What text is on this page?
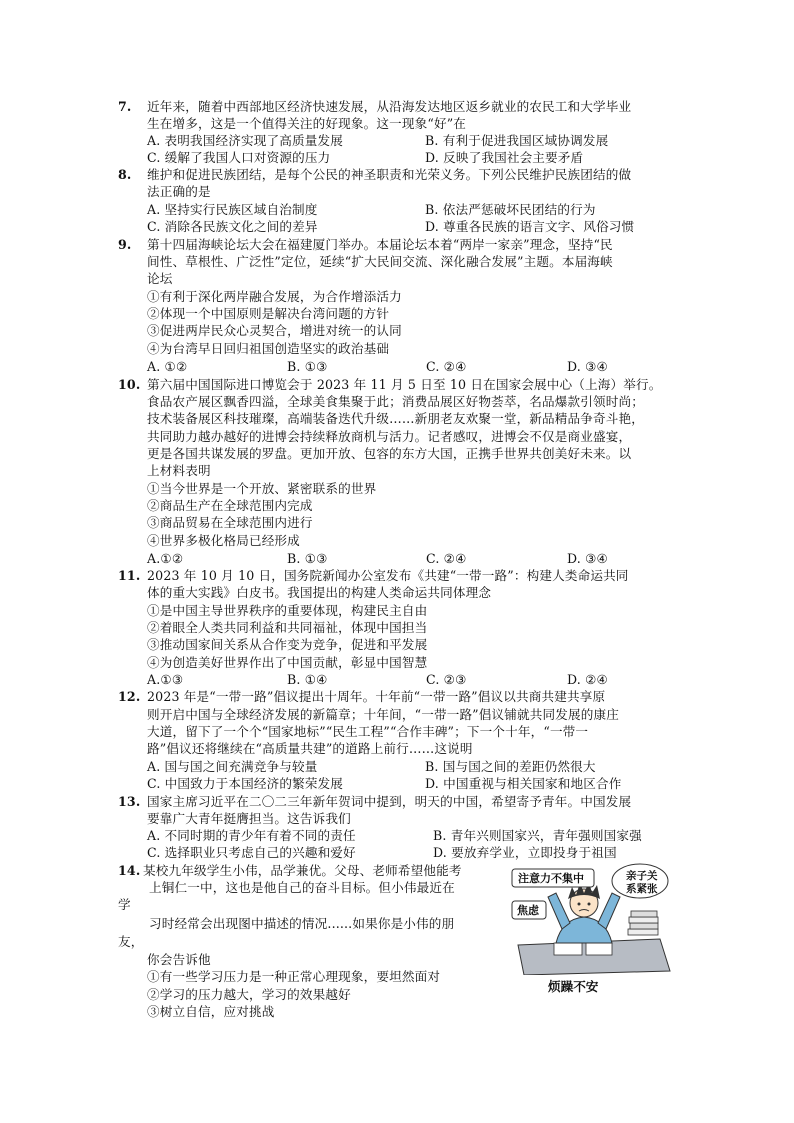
7. 近年来，随着中西部地区经济快速发展，从沿海发达地区返乡就业的农民工和大学毕业
生在增多，这是一个值得关注的好现象。这一现象“好”在
A. 表明我国经济实现了高质量发展	B. 有利于促进我国区域协调发展
C. 缓解了我国人口对资源的压力	D. 反映了我国社会主要矛盾
8. 维护和促进民族团结，是每个公民的神圣职责和光荣义务。下列公民维护民族团结的做
法正确的是
A. 坚持实行民族区域自治制度	B. 依法严惩破坏民团结的行为
C. 消除各民族文化之间的差异	D. 尊重各民族的语言文字、风俗习惯
9. 第十四届海峡论坛大会在福建厦门举办。本届论坛本着“两岸一家亲”理念，坚持“民
间性、草根性、广泛性”定位，延续“扩大民间交流、深化融合发展”主题。本届海峡
论坛
①有利于深化两岸融合发展，为合作增添活力
②体现一个中国原则是解决台湾问题的方针
③促进两岸民众心灵契合，增进对统一的认同
④为台湾早日回归祖国创造坚实的政治基础
A. ①②	B. ①③	C. ②④	D. ③④
10. 第六届中国国际进口博览会于 2023 年 11 月 5 日至 10 日在国家会展中心（上海）举行。
食品农产展区飘香四溢，全球美食集聚于此；消费品展区好物荟萃，名品爆款引领时尚；
技术装备展区科技璀璨，高端装备迭代升级……新朋老友欢聚一堂，新品精品争奇斗艳，
共同助力越办越好的进博会持续释放商机与活力。记者感叹，进博会不仅是商业盛宴，
更是各国共谋发展的罗盘。更加开放、包容的东方大国，正携手世界共创美好未来。以
上材料表明
①当今世界是一个开放、紧密联系的世界
②商品生产在全球范围内完成
③商品贸易在全球范围内进行
④世界多极化格局已经形成
A.①②	B. ①③	C. ②④	D. ③④
11. 2023 年 10 月 10 日，国务院新闻办公室发布《共建“一带一路”：构建人类命运共同
体的重大实践》白皮书。我国提出的构建人类命运共同体理念
①是中国主导世界秩序的重要体现，构建民主自由
②着眼全人类共同利益和共同福祉，体现中国担当
③推动国家间关系从合作变为竞争，促进和平发展
④为创造美好世界作出了中国贡献，彰显中国智慧
A.①③	B. ①④	C. ②③	D. ②④
12. 2023 年是“一带一路”倡议提出十周年。十年前“一带一路”倡议以共商共建共享原
则开启中国与全球经济发展的新篇章；十年间，“一带一路”倡议铺就共同发展的康庄
大道，留下了一个个“国家地标”“民生工程”“合作丰碑”；下一个十年，“一带一
路”倡议还将继续在“高质量共建”的道路上前行……这说明
A. 国与国之间充满竞争与较量	B. 国与国之间的差距仍然很大
C. 中国致力于本国经济的繁荣发展	D. 中国重视与相关国家和地区合作
13. 国家主席习近平在二〇二三年新年贺词中提到，明天的中国，希望寄予青年。中国发展
要靠广大青年挺膺担当。这告诉我们
A. 不同时期的青少年有着不同的责任	B. 青年兴则国家兴，青年强则国家强
C. 选择职业只考虑自己的兴趣和爱好	D. 要放弃学业，立即投身于祖国
14. 某校九年级学生小伟，品学兼优。父母、老师希望他能考
上铜仁一中，这也是他自己的奋斗目标。但小伟最近在
学
习时经常会出现图中描述的情况......如果你是小伟的朋
友，
你会告诉他
①有一些学习压力是一种正常心理现象，要坦然面对
②学习的压力越大，学习的效果越好
③树立自信，应对挑战
注意力不集中	亲子关
系紧张
焦虑
烦躁不安
